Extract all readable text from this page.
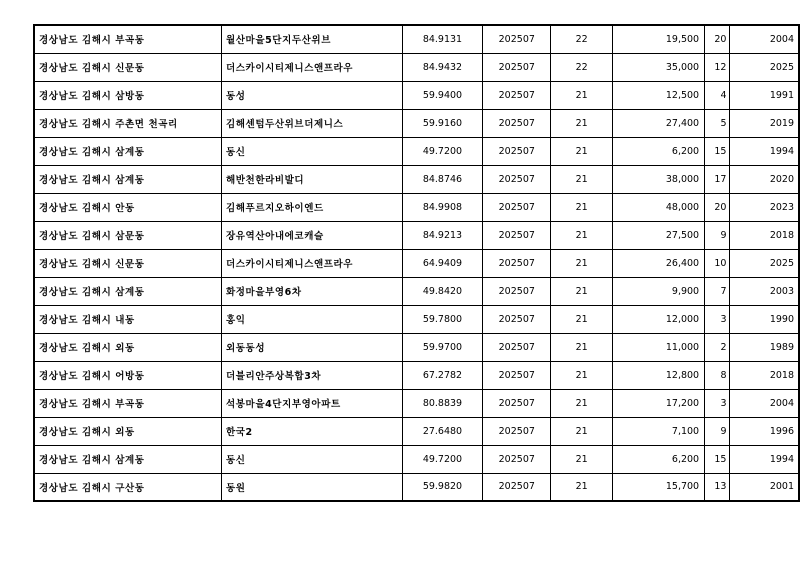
경상남도 김해시 부곡동	월산마을5단지두산위브	84.9131	202507	22	19,500	20	2004
경상남도 김해시 신문동	더스카이시티제니스앤프라우	84.9432	202507	22	35,000	12	2025
경상남도 김해시 삼방동	동성	59.9400	202507	21	12,500	4	1991
경상남도 김해시 주촌면 천곡리	김해센텀두산위브더제니스	59.9160	202507	21	27,400	5	2019
경상남도 김해시 삼계동	동신	49.7200	202507	21	6,200	15	1994
경상남도 김해시 삼계동	해반천한라비발디	84.8746	202507	21	38,000	17	2020
경상남도 김해시 안동	김해푸르지오하이엔드	84.9908	202507	21	48,000	20	2023
경상남도 김해시 삼문동	장유역산아내에코캐슬	84.9213	202507	21	27,500	9	2018
경상남도 김해시 신문동	더스카이시티제니스앤프라우	64.9409	202507	21	26,400	10	2025
경상남도 김해시 삼계동	화정마을부영6차	49.8420	202507	21	9,900	7	2003
경상남도 김해시 내동	홍익	59.7800	202507	21	12,000	3	1990
경상남도 김해시 외동	외동동성	59.9700	202507	21	11,000	2	1989
경상남도 김해시 어방동	더블리안주상복합3차	67.2782	202507	21	12,800	8	2018
경상남도 김해시 부곡동	석봉마을4단지부영아파트	80.8839	202507	21	17,200	3	2004
경상남도 김해시 외동	한국2	27.6480	202507	21	7,100	9	1996
경상남도 김해시 삼계동	동신	49.7200	202507	21	6,200	15	1994
경상남도 김해시 구산동	동원	59.9820	202507	21	15,700	13	2001
